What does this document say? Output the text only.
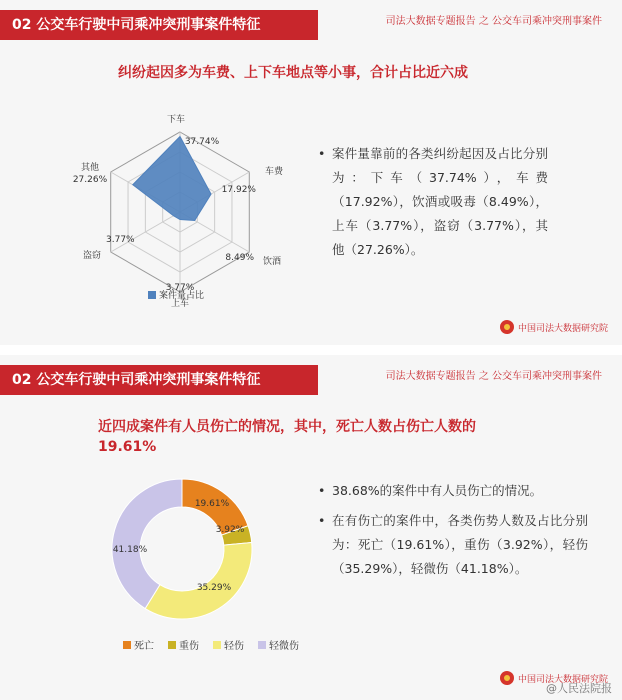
02 公交车行驶中司乘冲突刑事案件特征	司法大数据专题报告 之 公交车司乘冲突刑事案件
纠纷起因多为车费、上下车地点等小事，合计占比近六成
下车
37.74%
车费
17.92%
饮酒
8.49%
上车
3.77%
盗窃
3.77%
其他
27.26%
案件量占比
• 案件量靠前的各类纠纷起因及占比分别为：下车（37.74%），车费（17.92%），饮酒或吸毒（8.49%），上车（3.77%），盗窃（3.77%），其他（27.26%）。

中国司法大数据研究院
02 公交车行驶中司乘冲突刑事案件特征	司法大数据专题报告 之 公交车司乘冲突刑事案件
近四成案件有人员伤亡的情况，其中，死亡人数占伤亡人数的
19.61%
• 38.68%的案件中有人员伤亡的情况。

• 在有伤亡的案件中，各类伤势人数及占比分别为：死亡（19.61%），重伤（3.92%），轻伤（35.29%），轻微伤（41.18%）。

中国司法大数据研究院
@人民法院报
19.61%
3.92%
35.29%
41.18%
死亡	重伤	轻伤	轻微伤
